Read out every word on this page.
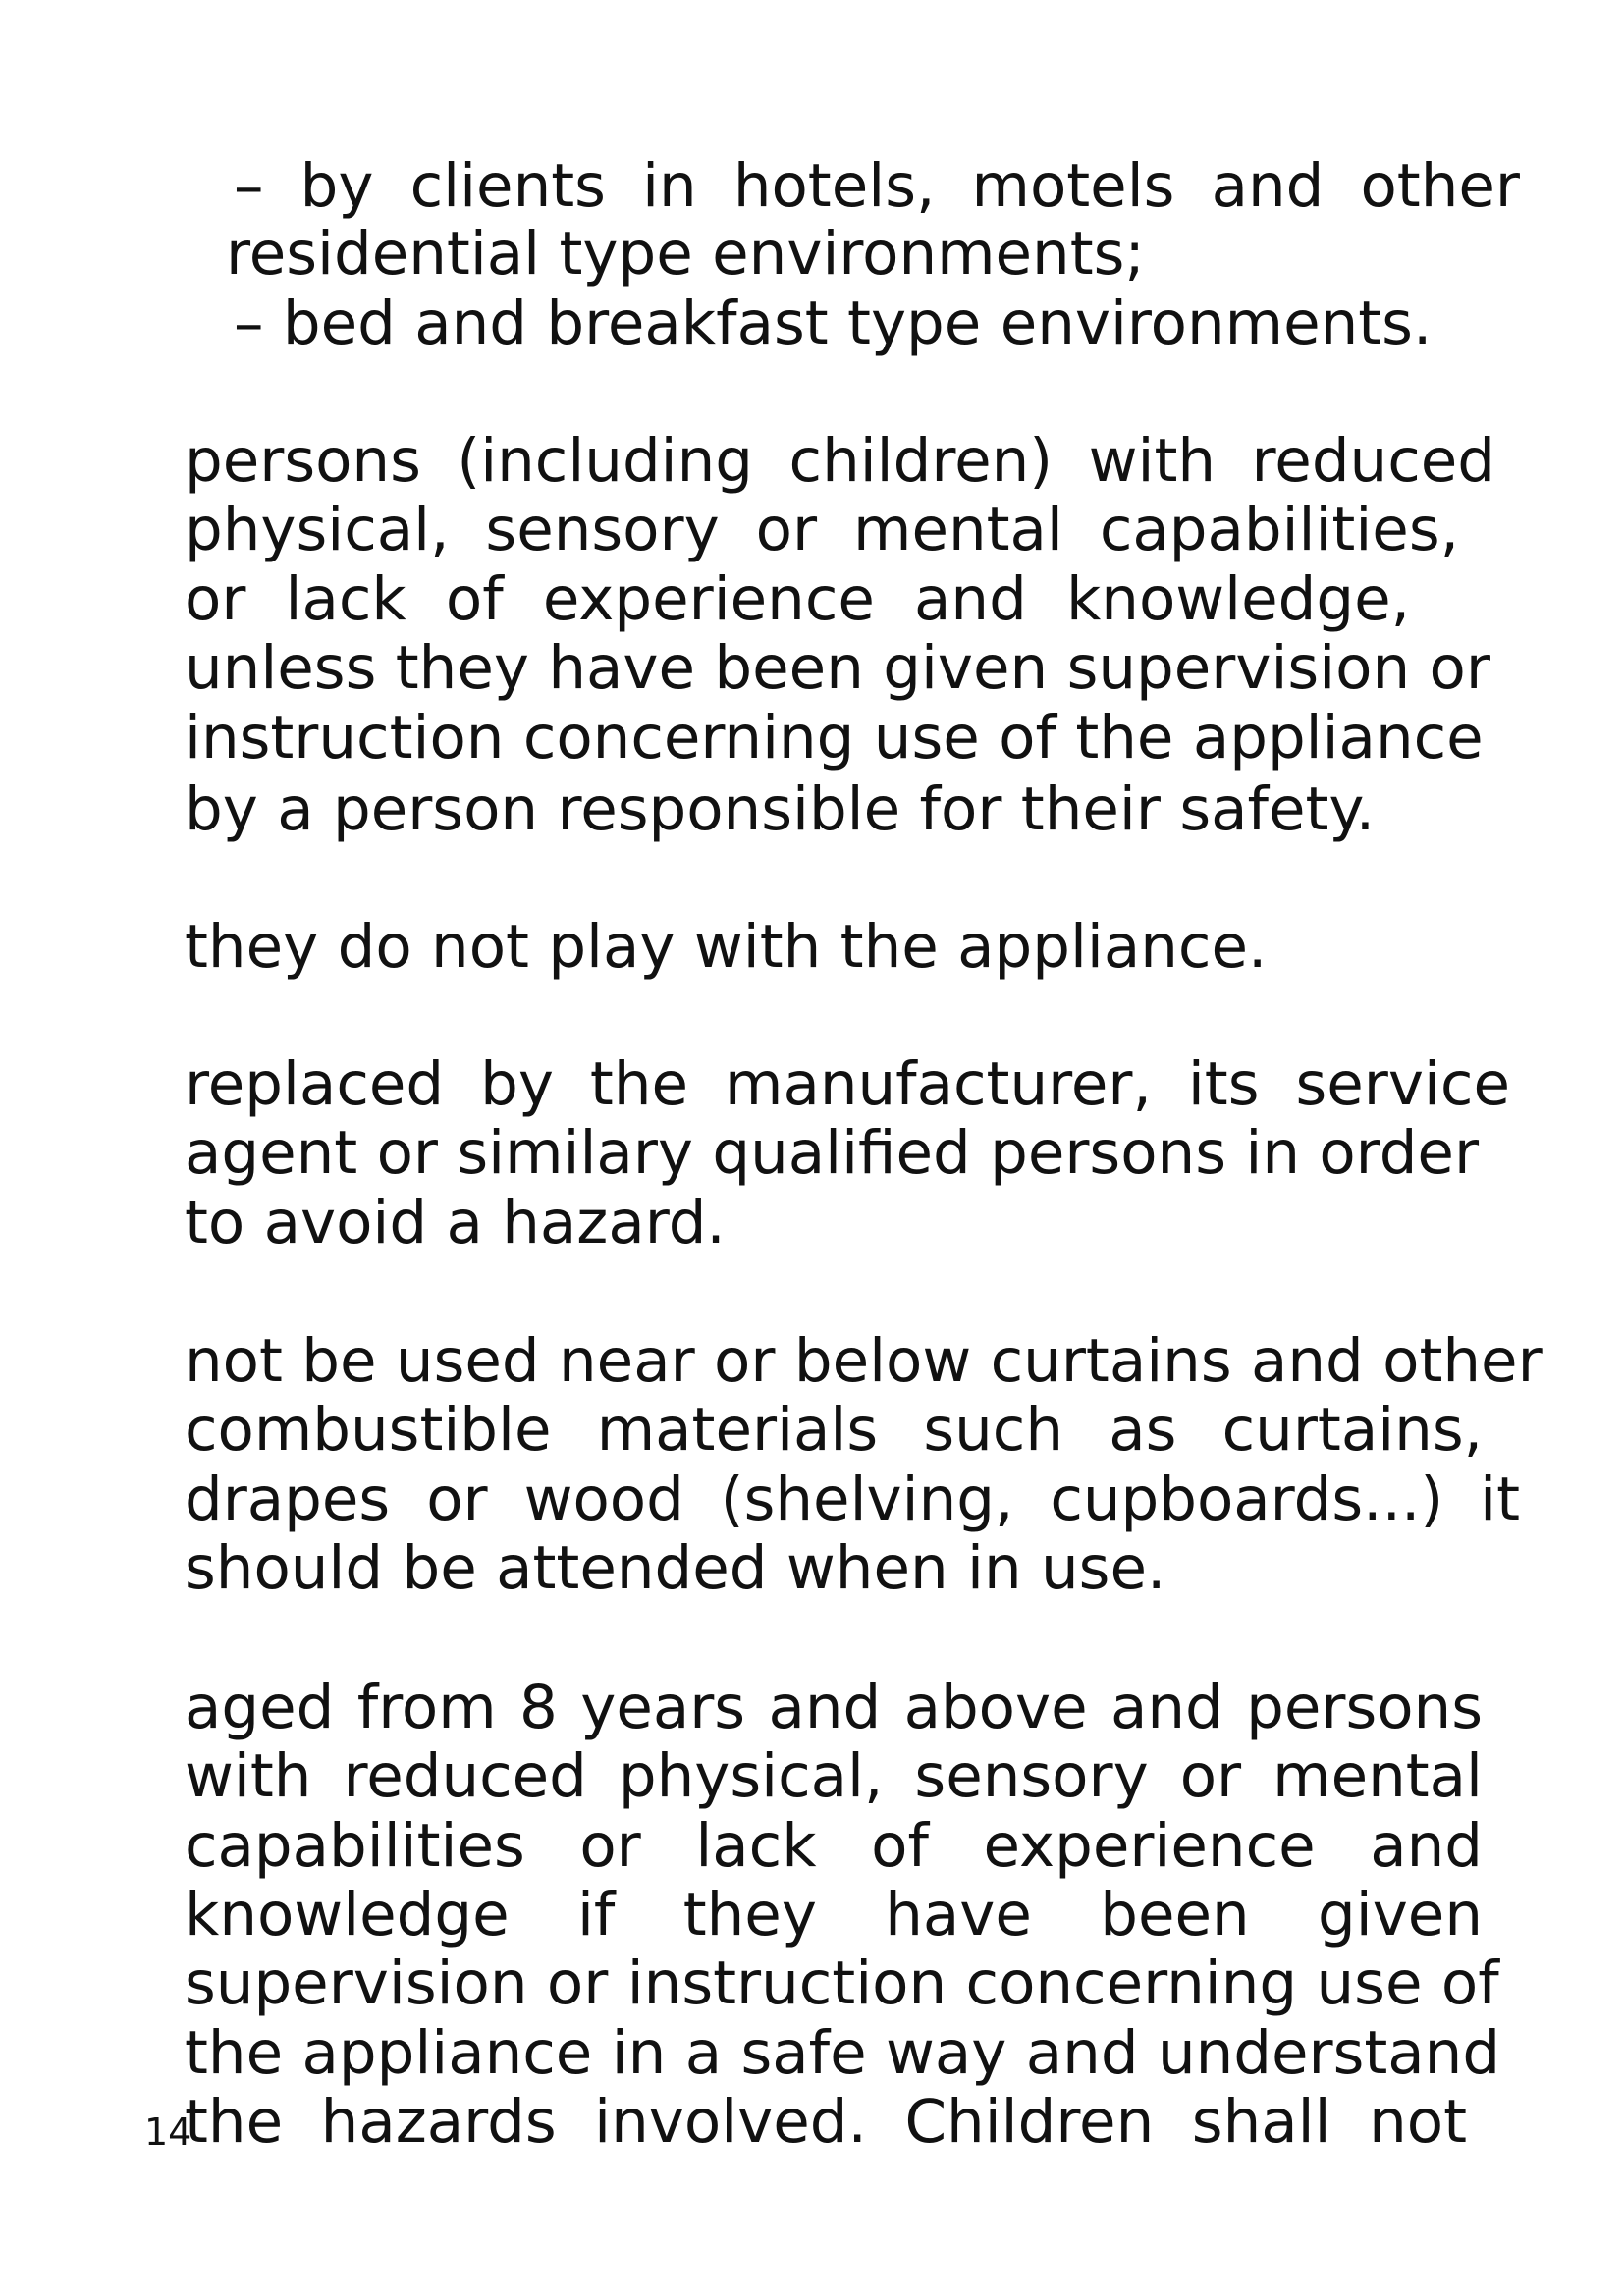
– by clients in hotels, motels and other
residential type environments;
– bed and breakfast type environments.
persons (including children) with reduced
physical, sensory or mental capabilities,
or lack of experience and knowledge,
unless they have been given supervision or
instruction concerning use of the appliance
by a person responsible for their safety.
they do not play with the appliance.
replaced by the manufacturer, its service
agent or similary qualified persons in order
to avoid a hazard.
not be used near or below curtains and other
combustible materials such as curtains,
drapes or wood (shelving, cupboards...) it
should be attended when in use.
aged from 8 years and above and persons
with reduced physical, sensory or mental
capabilities or lack of experience and
knowledge if they have been given
supervision or instruction concerning use of
the appliance in a safe way and understand
the hazards involved. Children shall not
14
